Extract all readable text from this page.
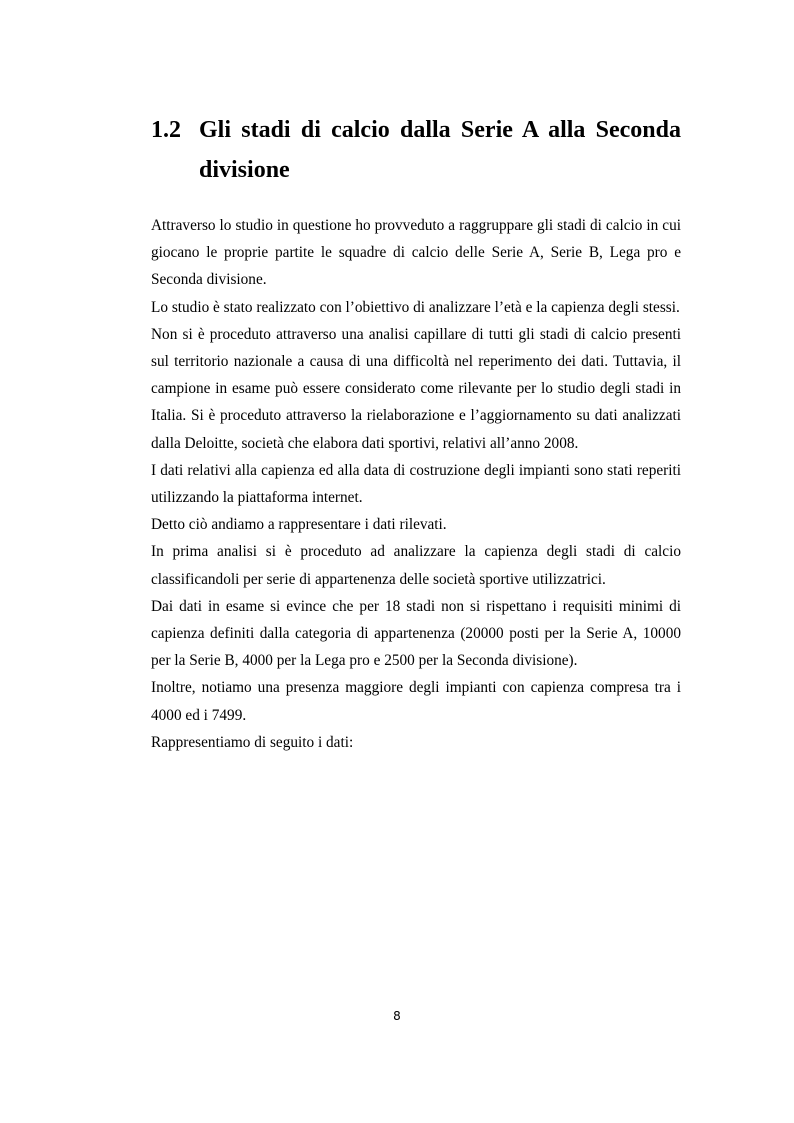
1.2 Gli stadi di calcio dalla Serie A alla Seconda divisione

Attraverso lo studio in questione ho provveduto a raggruppare gli stadi di calcio in cui giocano le proprie partite le squadre di calcio delle Serie A, Serie B, Lega pro e Seconda divisione.

Lo studio è stato realizzato con l’obiettivo di analizzare l’età e la capienza degli stessi.

Non si è proceduto attraverso una analisi capillare di tutti gli stadi di calcio presenti sul territorio nazionale a causa di una difficoltà nel reperimento dei dati. Tuttavia, il campione in esame può essere considerato come rilevante per lo studio degli stadi in Italia. Si è proceduto attraverso la rielaborazione e l’aggiornamento su dati analizzati dalla Deloitte, società che elabora dati sportivi, relativi all’anno 2008.

I dati relativi alla capienza ed alla data di costruzione degli impianti sono stati reperiti utilizzando la piattaforma internet.

Detto ciò andiamo a rappresentare i dati rilevati.

In prima analisi si è proceduto ad analizzare la capienza degli stadi di calcio classificandoli per serie di appartenenza delle società sportive utilizzatrici.

Dai dati in esame si evince che per 18 stadi non si rispettano i requisiti minimi di capienza definiti dalla categoria di appartenenza (20000 posti per la Serie A, 10000 per la Serie B, 4000 per la Lega pro e 2500 per la Seconda divisione).

Inoltre, notiamo una presenza maggiore degli impianti con capienza compresa tra i 4000 ed i 7499.

Rappresentiamo di seguito i dati:

8
